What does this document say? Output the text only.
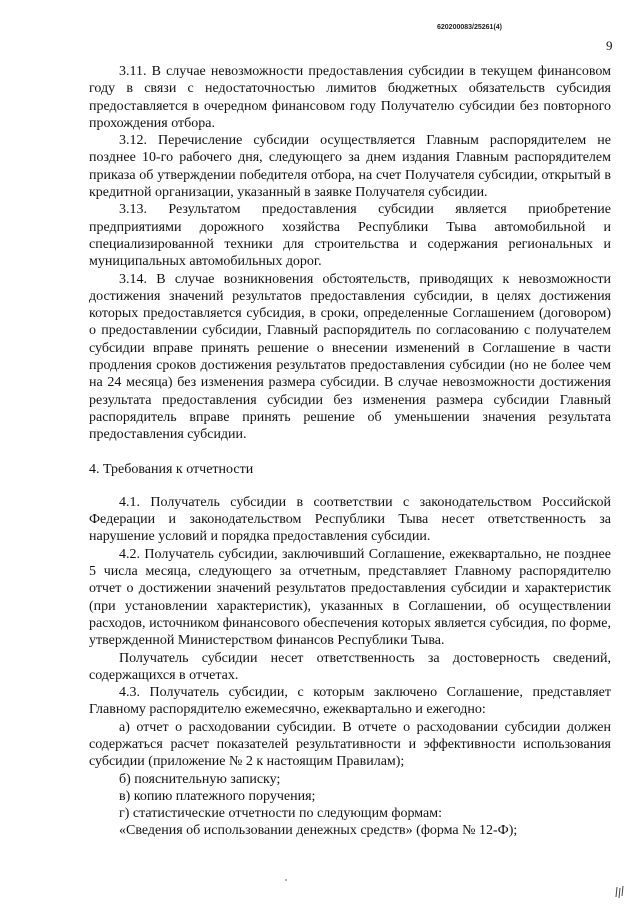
620200083/25261(4)
9

3.11. В случае невозможности предоставления субсидии в текущем финансовом году в связи с недостаточностью лимитов бюджетных обязательств субсидия предоставляется в очередном финансовом году Получателю субсидии без повторного прохождения отбора.

3.12. Перечисление субсидии осуществляется Главным распорядителем не позднее 10-го рабочего дня, следующего за днем издания Главным распорядителем приказа об утверждении победителя отбора, на счет Получателя субсидии, открытый в кредитной организации, указанный в заявке Получателя субсидии.

3.13. Результатом предоставления субсидии является приобретение предприятиями дорожного хозяйства Республики Тыва автомобильной и специализированной техники для строительства и содержания региональных и муниципальных автомобильных дорог.

3.14. В случае возникновения обстоятельств, приводящих к невозможности достижения значений результатов предоставления субсидии, в целях достижения которых предоставляется субсидия, в сроки, определенные Соглашением (договором) о предоставлении субсидии, Главный распорядитель по согласованию с получателем субсидии вправе принять решение о внесении изменений в Соглашение в части продления сроков достижения результатов предоставления субсидии (но не более чем на 24 месяца) без изменения размера субсидии. В случае невозможности достижения результата предоставления субсидии без изменения размера субсидии Главный распорядитель вправе принять решение об уменьшении значения результата предоставления субсидии.

4. Требования к отчетности

4.1. Получатель субсидии в соответствии с законодательством Российской Федерации и законодательством Республики Тыва несет ответственность за нарушение условий и порядка предоставления субсидии.

4.2. Получатель субсидии, заключивший Соглашение, ежеквартально, не позднее 5 числа месяца, следующего за отчетным, представляет Главному распорядителю отчет о достижении значений результатов предоставления субсидии и характеристик (при установлении характеристик), указанных в Соглашении, об осуществлении расходов, источником финансового обеспечения которых является субсидия, по форме, утвержденной Министерством финансов Республики Тыва.

Получатель субсидии несет ответственность за достоверность сведений, содержащихся в отчетах.

4.3. Получатель субсидии, с которым заключено Соглашение, представляет Главному распорядителю ежемесячно, ежеквартально и ежегодно:

а) отчет о расходовании субсидии. В отчете о расходовании субсидии должен содержаться расчет показателей результативности и эффективности использования субсидии (приложение № 2 к настоящим Правилам);

б) пояснительную записку;

в) копию платежного поручения;

г) статистические отчетности по следующим формам:

«Сведения об использовании денежных средств» (форма № 12-Ф);
